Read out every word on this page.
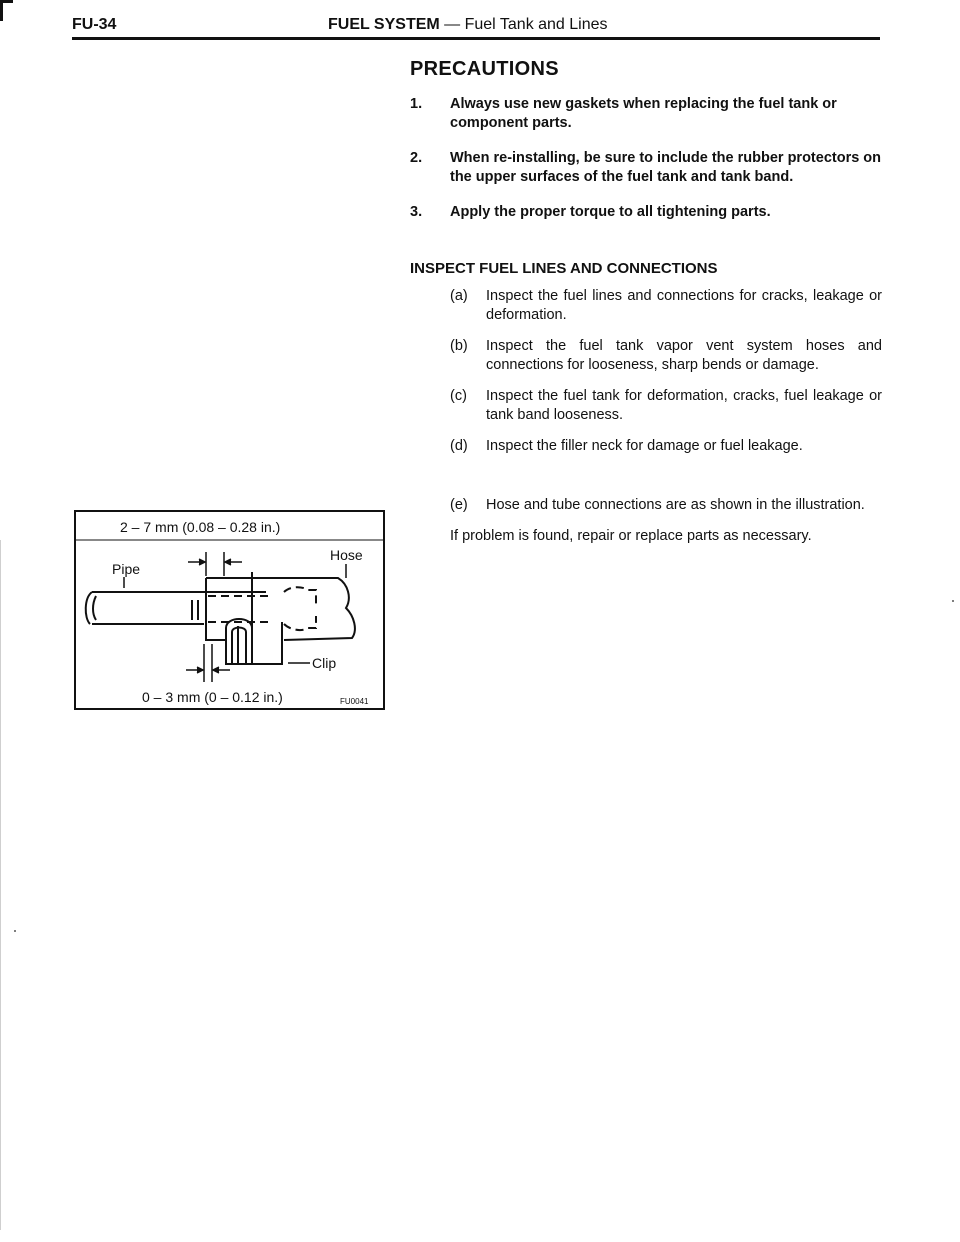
FU-34	FUEL SYSTEM — Fuel Tank and Lines
PRECAUTIONS
1. Always use new gaskets when replacing the fuel tank or component parts.
2. When re-installing, be sure to include the rubber protectors on the upper surfaces of the fuel tank and tank band.
3. Apply the proper torque to all tightening parts.
INSPECT FUEL LINES AND CONNECTIONS
(a) Inspect the fuel lines and connections for cracks, leakage or deformation.
(b) Inspect the fuel tank vapor vent system hoses and connections for looseness, sharp bends or damage.
(c) Inspect the fuel tank for deformation, cracks, fuel leakage or tank band looseness.
(d) Inspect the filler neck for damage or fuel leakage.
(e) Hose and tube connections are as shown in the illustration.
If problem is found, repair or replace parts as necessary.
2 – 7 mm (0.08 – 0.28 in.)
Pipe
Hose
Clip
0 – 3 mm (0 – 0.12 in.)	FU0041
